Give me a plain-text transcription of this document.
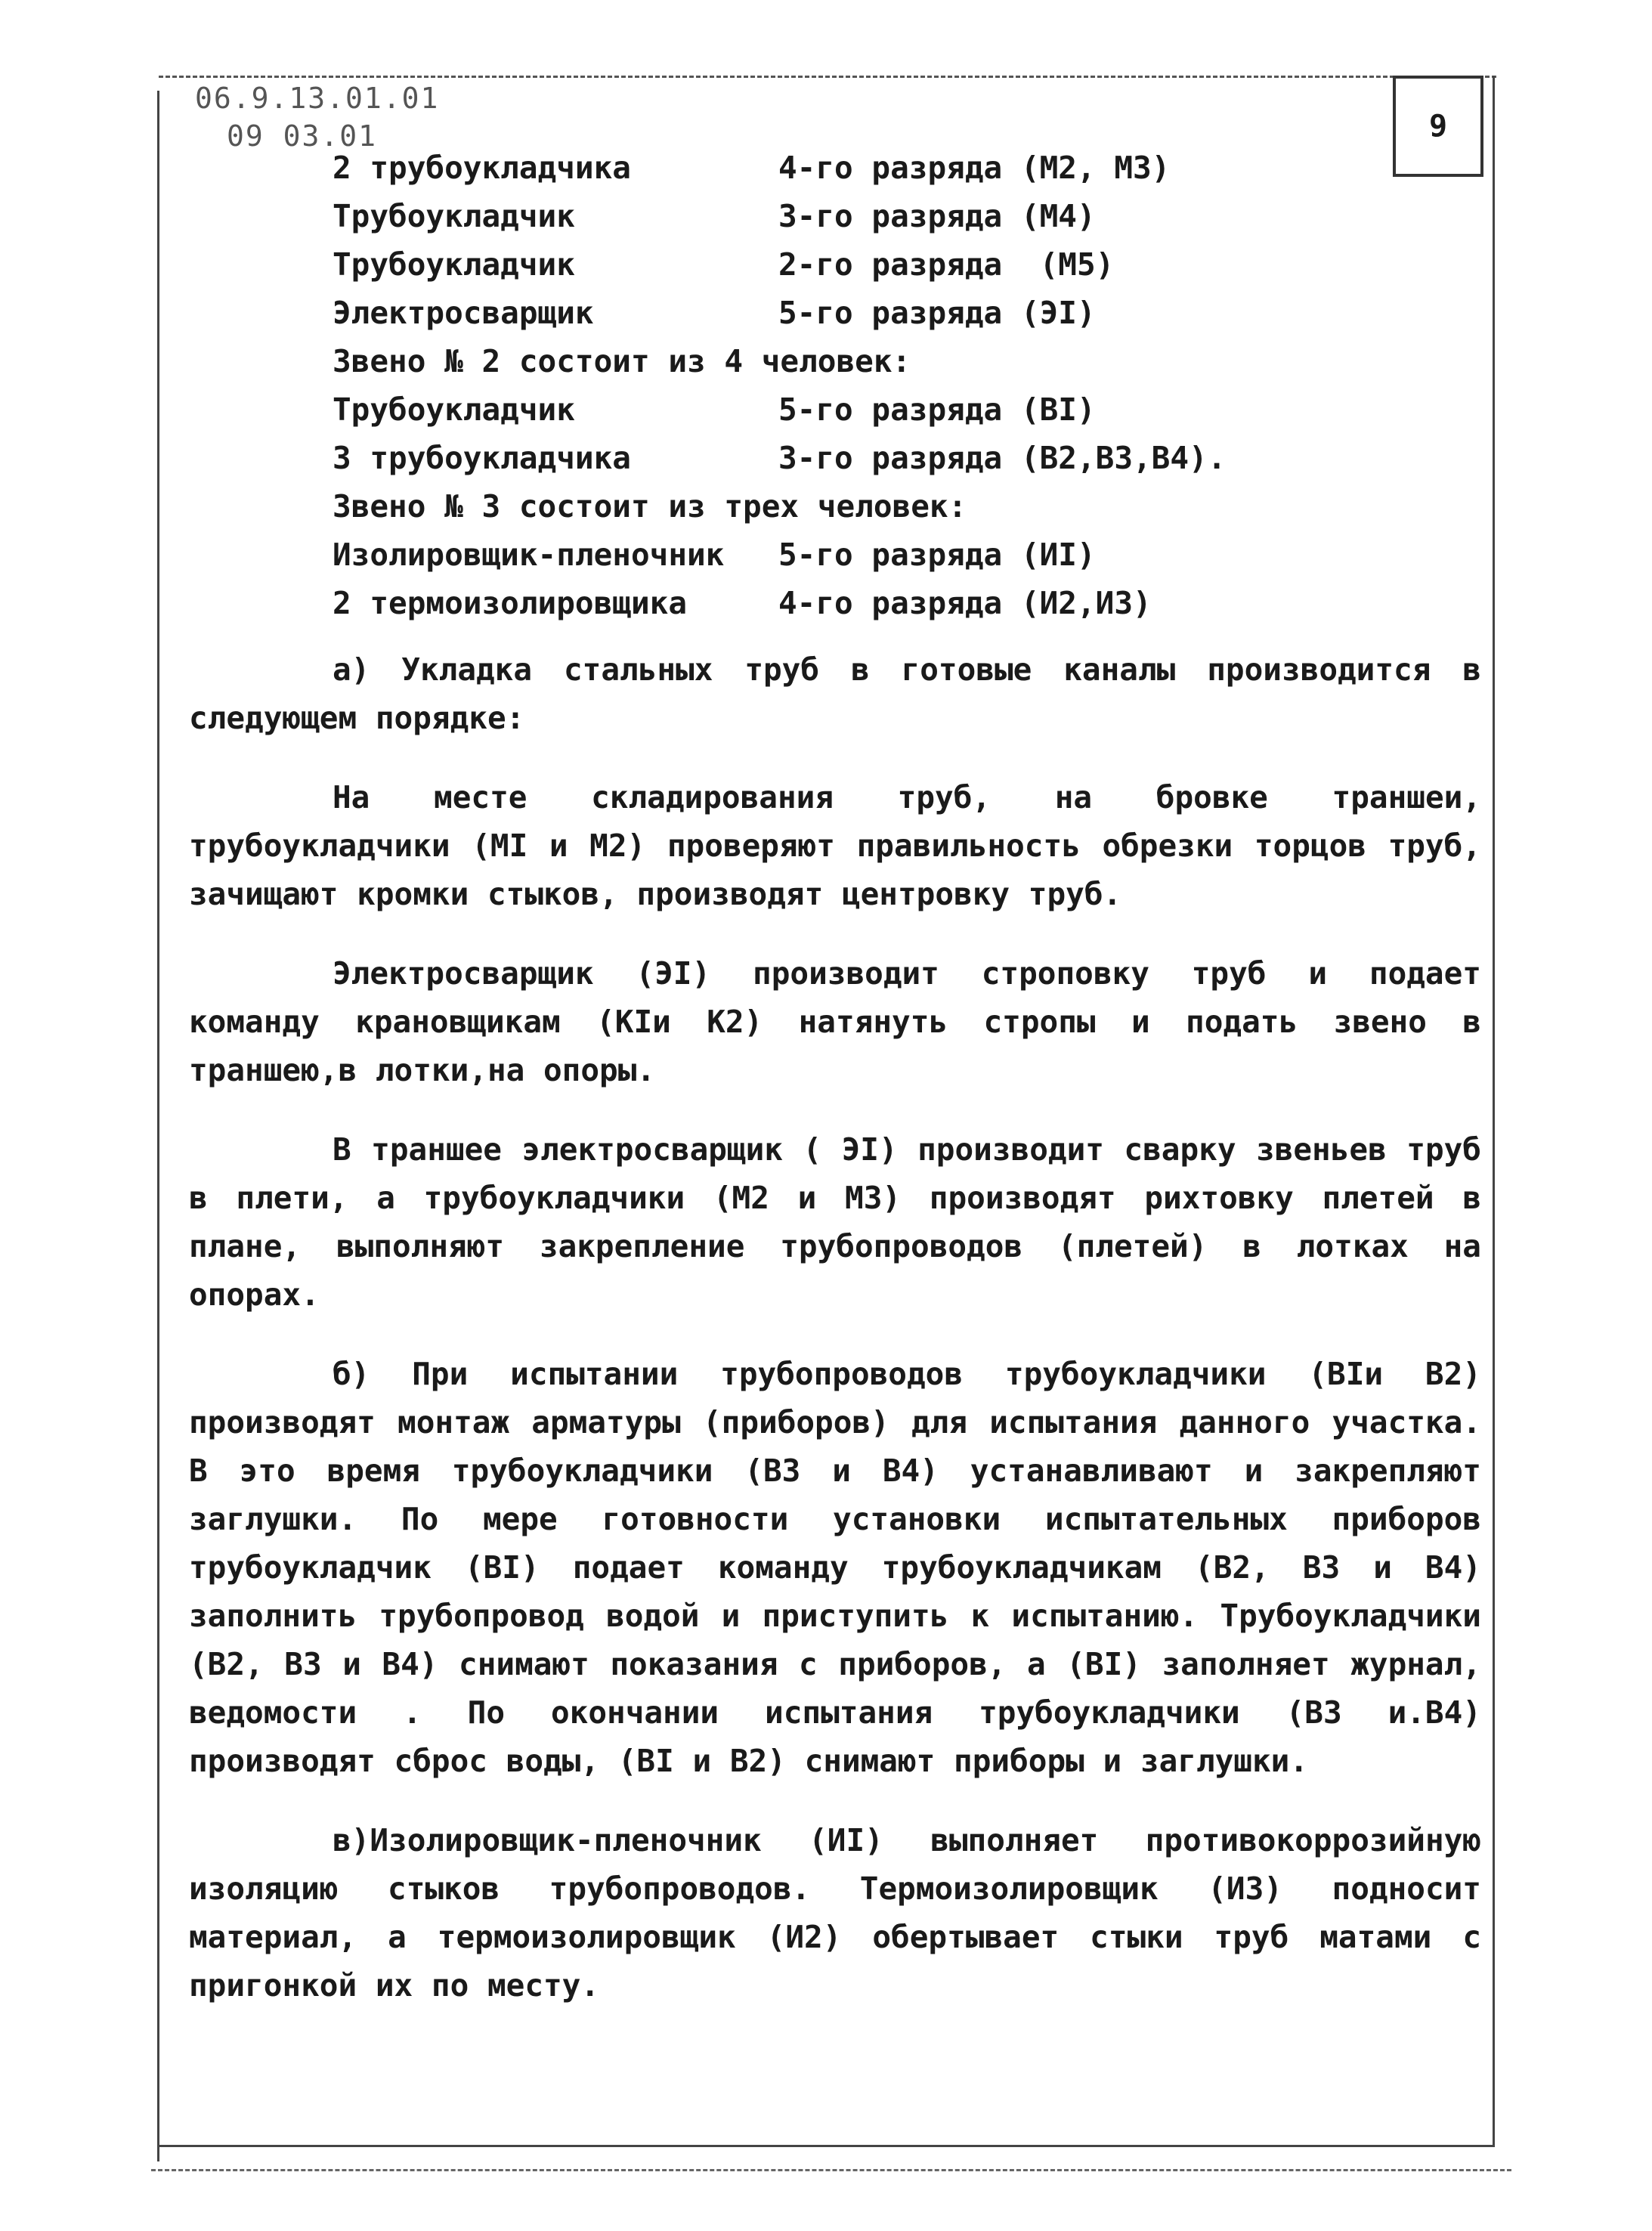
06.9.13.01.01
09 03.01	9
2 трубоукладчика	4-го разряда (М2, М3)
Трубоукладчик	3-го разряда (М4)
Трубоукладчик	2-го разряда  (М5)
Электросварщик	5-го разряда (ЭI)
Звено № 2 состоит из 4 человек:
Трубоукладчик	5-го разряда (ВI)
3 трубоукладчика	3-го разряда (В2,В3,В4).
Звено № 3 состоит из трех человек:
Изолировщик-пленочник	5-го разряда (ИI)
2 термоизолировщика	4-го разряда (И2,И3)

а) Укладка стальных труб в готовые каналы производится в следующем порядке:

На месте складирования труб, на бровке траншеи, трубоукладчики (МI и М2) проверяют правильность обрезки торцов труб, зачищают кромки стыков, производят центровку труб.

Электросварщик (ЭI) производит строповку труб и подает команду крановщикам (КIи К2) натянуть стропы и подать звено в траншею,в лотки,на опоры.

В траншее электросварщик ( ЭI) производит сварку звеньев труб в плети, а трубоукладчики (М2 и М3) производят рихтовку плетей в плане, выполняют закрепление трубопроводов (плетей) в лотках на опорах.

б) При испытании трубопроводов трубоукладчики (ВIи В2) производят монтаж арматуры (приборов) для испытания данного участка. В это время трубоукладчики (В3 и В4) устанавливают и закрепляют заглушки. По мере готовности установки испытательных приборов трубоукладчик (ВI) подает команду трубоукладчикам (В2, В3 и В4) заполнить трубопровод водой и приступить к испытанию. Трубоукладчики (В2, В3 и В4) снимают показания с приборов, а (ВI) заполняет журнал, ведомости . По окончании испытания трубоукладчики (В3 и.В4) производят сброс воды, (ВI и В2) снимают приборы и заглушки.

в)Изолировщик-пленочник (ИI) выполняет противокоррозийную изоляцию стыков трубопроводов. Термоизолировщик (И3) подносит материал, а термоизолировщик (И2) обертывает стыки труб матами с пригонкой их по месту.
